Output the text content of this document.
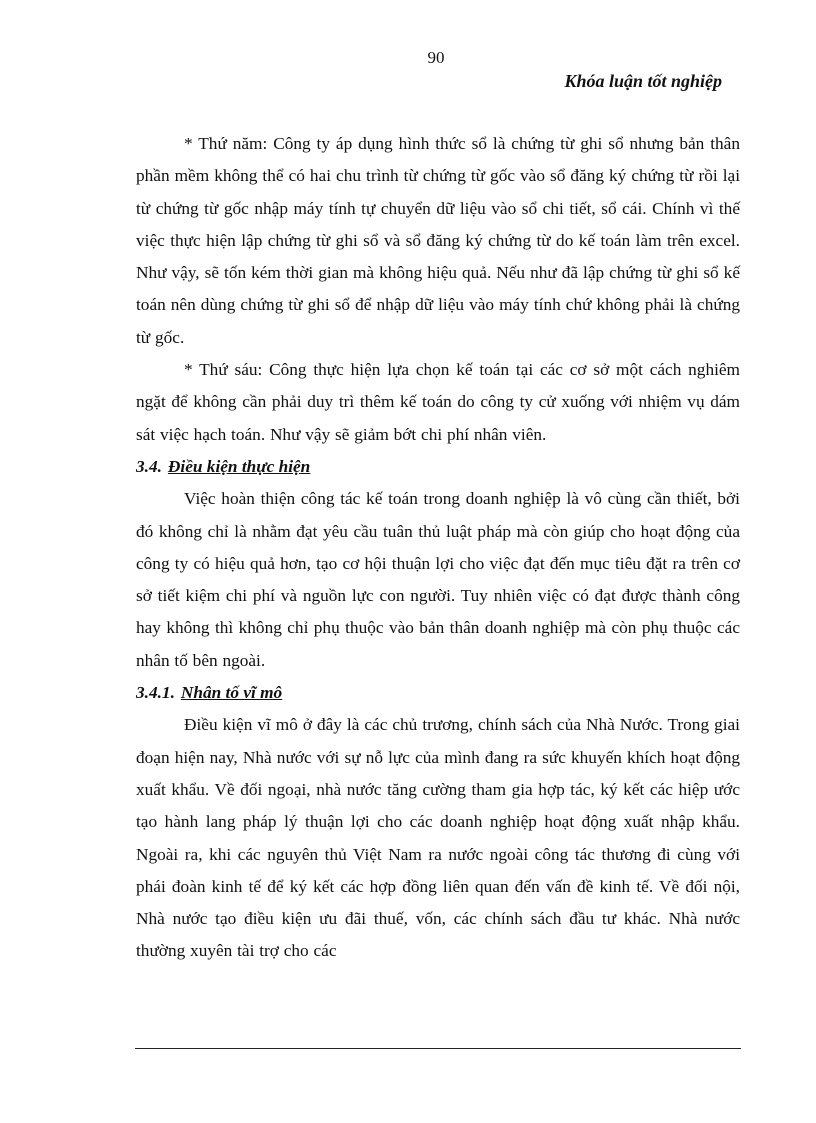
90
Khóa luận tốt nghiệp

* Thứ năm: Công ty áp dụng hình thức sổ là chứng từ ghi sổ nhưng bản thân phần mềm không thể có hai chu trình từ chứng từ gốc vào sổ đăng ký chứng từ rồi lại từ chứng từ gốc nhập máy tính tự chuyển dữ liệu vào sổ chi tiết, sổ cái. Chính vì thế việc thực hiện lập chứng từ ghi sổ và sổ đăng ký chứng từ do kế toán làm trên excel. Như vậy, sẽ tốn kém thời gian mà không hiệu quả. Nếu như đã lập chứng từ ghi sổ kế toán nên dùng chứng từ ghi sổ để nhập dữ liệu vào máy tính chứ không phải là chứng từ gốc.

* Thứ sáu: Công thực hiện lựa chọn kế toán tại các cơ sở một cách nghiêm ngặt để không cần phải duy trì thêm kế toán do công ty cử xuống với nhiệm vụ dám sát việc hạch toán. Như vậy sẽ giảm bớt chi phí nhân viên.

3.4. Điều kiện thực hiện

Việc hoàn thiện công tác kế toán trong doanh nghiệp là vô cùng cần thiết, bởi đó không chỉ là nhằm đạt yêu cầu tuân thủ luật pháp mà còn giúp cho hoạt động của công ty có hiệu quả hơn, tạo cơ hội thuận lợi cho việc đạt đến mục tiêu đặt ra trên cơ sở tiết kiệm chi phí và nguồn lực con người. Tuy nhiên việc có đạt được thành công hay không thì không chỉ phụ thuộc vào bản thân doanh nghiệp mà còn phụ thuộc các nhân tố bên ngoài.

3.4.1. Nhân tố vĩ mô

Điều kiện vĩ mô ở đây là các chủ trương, chính sách của Nhà Nước. Trong giai đoạn hiện nay, Nhà nước với sự nỗ lực của mình đang ra sức khuyến khích hoạt động xuất khẩu. Về đối ngoại, nhà nước tăng cường tham gia hợp tác, ký kết các hiệp ước tạo hành lang pháp lý thuận lợi cho các doanh nghiệp hoạt động xuất nhập khẩu. Ngoài ra, khi các nguyên thủ Việt Nam ra nước ngoài công tác thương đi cùng với phái đoàn kinh tế để ký kết các hợp đồng liên quan đến vấn đề kinh tế. Về đối nội, Nhà nước tạo điều kiện ưu đãi thuế, vốn, các chính sách đầu tư khác. Nhà nước thường xuyên tài trợ cho các
